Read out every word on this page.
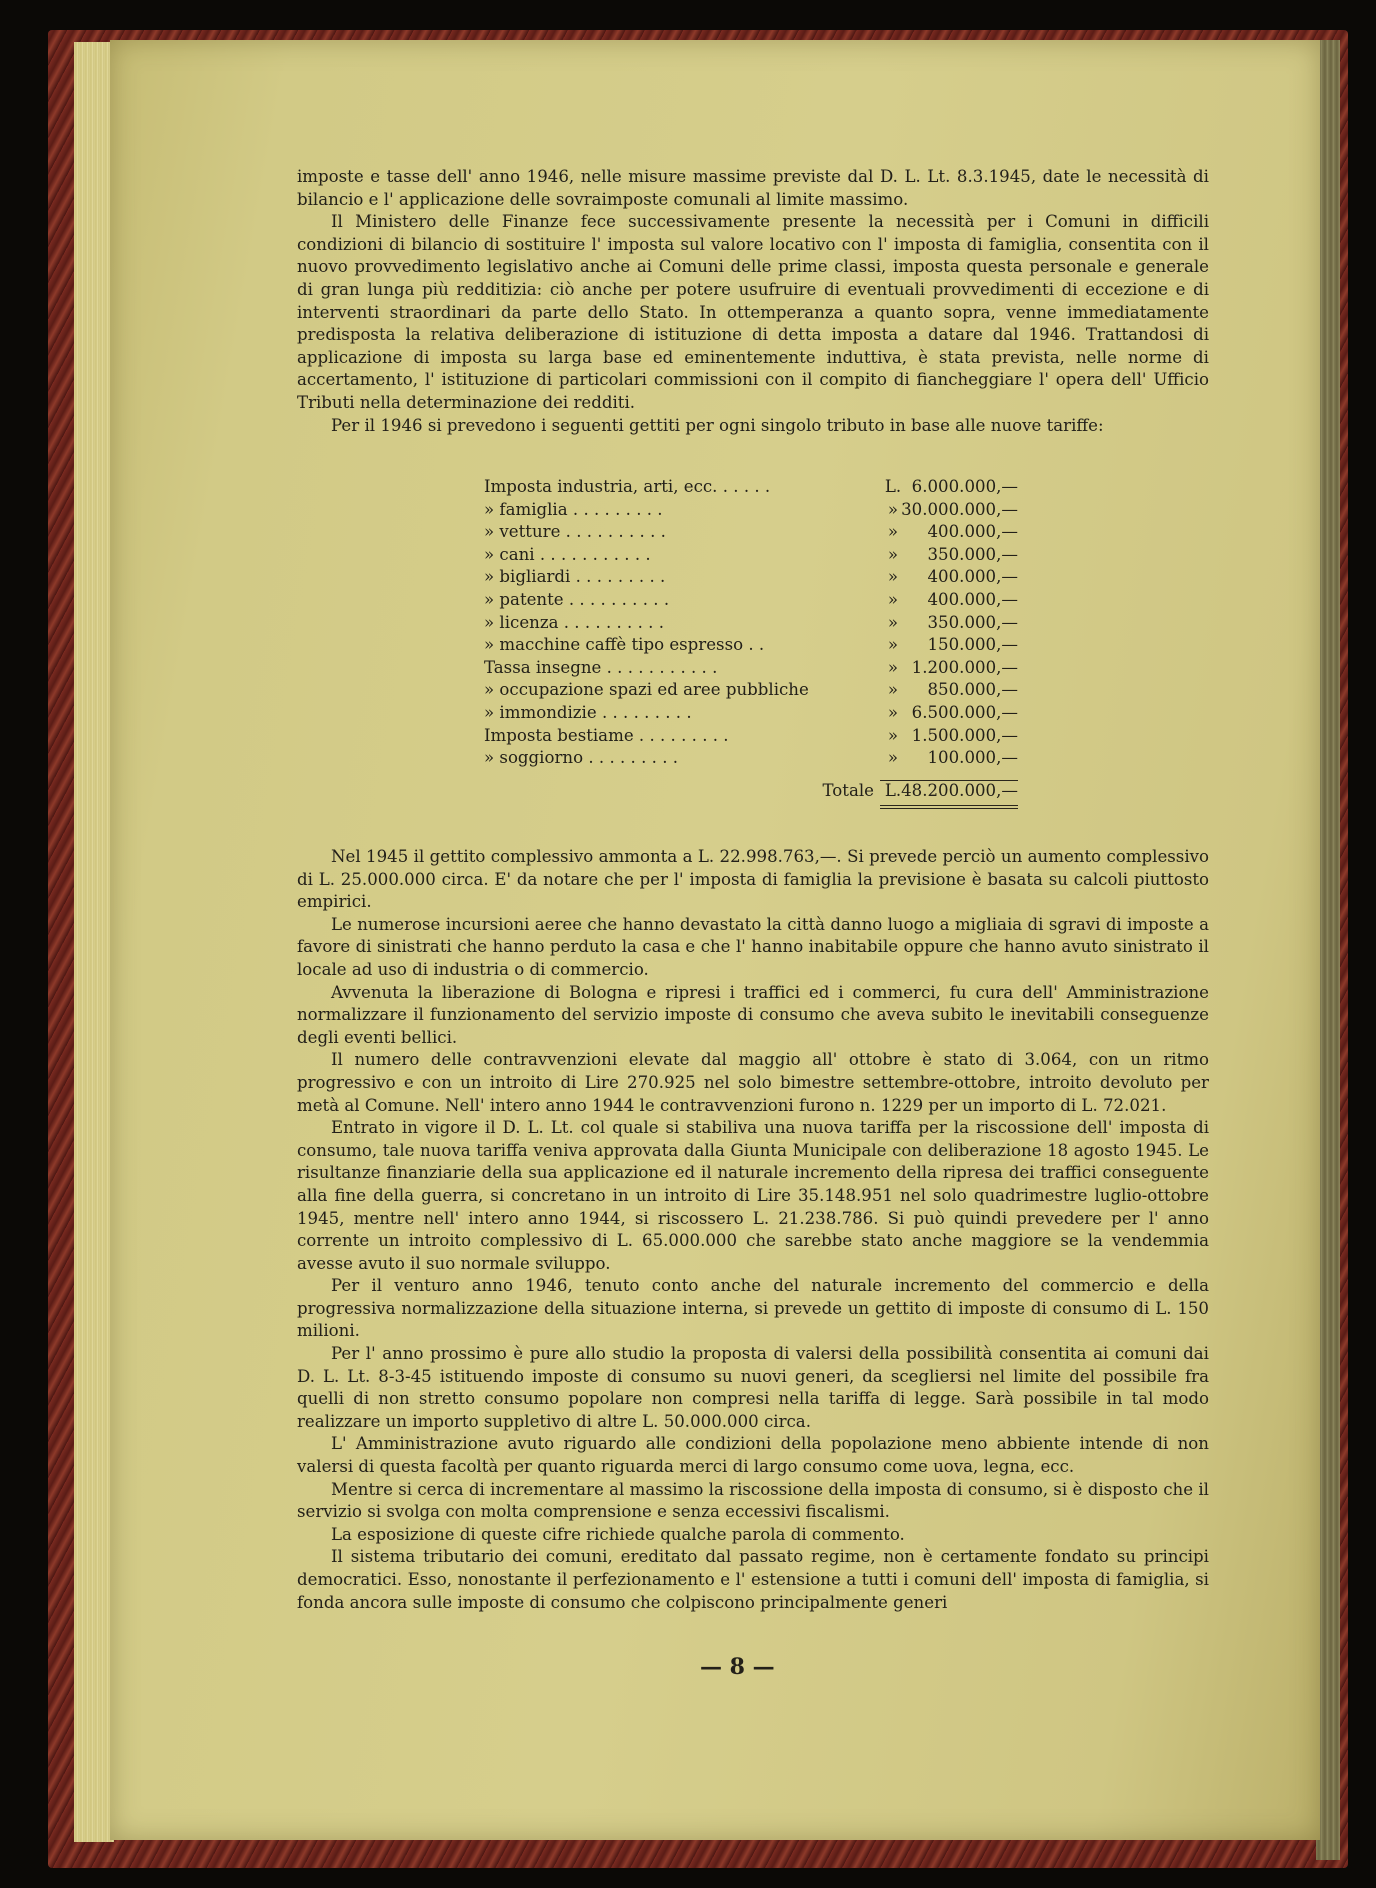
imposte e tasse dell' anno 1946, nelle misure massime previste dal D. L. Lt. 8.3.1945, date le necessità di bilancio e l' applicazione delle sovraimposte comunali al limite massimo.

Il Ministero delle Finanze fece successivamente presente la necessità per i Comuni in difficili condizioni di bilancio di sostituire l' imposta sul valore locativo con l' imposta di famiglia, consentita con il nuovo provvedimento legislativo anche ai Comuni delle prime classi, imposta questa personale e generale di gran lunga più redditizia: ciò anche per potere usufruire di eventuali provvedimenti di eccezione e di interventi straordinari da parte dello Stato. In ottemperanza a quanto sopra, venne immediatamente predisposta la relativa deliberazione di istituzione di detta imposta a datare dal 1946. Trattandosi di applicazione di imposta su larga base ed eminentemente induttiva, è stata prevista, nelle norme di accertamento, l' istituzione di particolari commissioni con il compito di fiancheggiare l' opera dell' Ufficio Tributi nella determinazione dei redditi.

Per il 1946 si prevedono i seguenti gettiti per ogni singolo tributo in base alle nuove tariffe:

Imposta industria, arti, ecc. . . . . .	L. 6.000.000,—
» famiglia . . . . . . . . .	» 30.000.000,—
» vetture . . . . . . . . . .	»	400.000,—
» cani . . . . . . . . . . .	»	350.000,—
» bigliardi . . . . . . . . .	»	400.000,—
» patente . . . . . . . . . .	»	400.000,—
» licenza . . . . . . . . . .	»	350.000,—
» macchine caffè tipo espresso . .	»	150.000,—
Tassa insegne . . . . . . . . . . .	» 1.200.000,—
» occupazione spazi ed aree pubbliche	»	850.000,—
» immondizie . . . . . . . . .	» 6.500.000,—
Imposta bestiame . . . . . . . . .	» 1.500.000,—
» soggiorno . . . . . . . . .	»	100.000,—
Totale L. 48.200.000,—

Nel 1945 il gettito complessivo ammonta a L. 22.998.763,—. Si prevede perciò un aumento complessivo di L. 25.000.000 circa. E' da notare che per l' imposta di famiglia la previsione è basata su calcoli piuttosto empirici.

Le numerose incursioni aeree che hanno devastato la città danno luogo a migliaia di sgravi di imposte a favore di sinistrati che hanno perduto la casa e che l' hanno inabitabile oppure che hanno avuto sinistrato il locale ad uso di industria o di commercio.

Avvenuta la liberazione di Bologna e ripresi i traffici ed i commerci, fu cura dell' Amministrazione normalizzare il funzionamento del servizio imposte di consumo che aveva subito le inevitabili conseguenze degli eventi bellici.

Il numero delle contravvenzioni elevate dal maggio all' ottobre è stato di 3.064, con un ritmo progressivo e con un introito di Lire 270.925 nel solo bimestre settembre-ottobre, introito devoluto per metà al Comune. Nell' intero anno 1944 le contravvenzioni furono n. 1229 per un importo di L. 72.021.

Entrato in vigore il D. L. Lt. col quale si stabiliva una nuova tariffa per la riscossione dell' imposta di consumo, tale nuova tariffa veniva approvata dalla Giunta Municipale con deliberazione 18 agosto 1945. Le risultanze finanziarie della sua applicazione ed il naturale incremento della ripresa dei traffici conseguente alla fine della guerra, si concretano in un introito di Lire 35.148.951 nel solo quadrimestre luglio-ottobre 1945, mentre nell' intero anno 1944, si riscossero L. 21.238.786. Si può quindi prevedere per l' anno corrente un introito complessivo di L. 65.000.000 che sarebbe stato anche maggiore se la vendemmia avesse avuto il suo normale sviluppo.

Per il venturo anno 1946, tenuto conto anche del naturale incremento del commercio e della progressiva normalizzazione della situazione interna, si prevede un gettito di imposte di consumo di L. 150 milioni.

Per l' anno prossimo è pure allo studio la proposta di valersi della possibilità consentita ai comuni dai D. L. Lt. 8-3-45 istituendo imposte di consumo su nuovi generi, da scegliersi nel limite del possibile fra quelli di non stretto consumo popolare non compresi nella tariffa di legge. Sarà possibile in tal modo realizzare un importo suppletivo di altre L. 50.000.000 circa.

L' Amministrazione avuto riguardo alle condizioni della popolazione meno abbiente intende di non valersi di questa facoltà per quanto riguarda merci di largo consumo come uova, legna, ecc.

Mentre si cerca di incrementare al massimo la riscossione della imposta di consumo, si è disposto che il servizio si svolga con molta comprensione e senza eccessivi fiscalismi.

La esposizione di queste cifre richiede qualche parola di commento.

Il sistema tributario dei comuni, ereditato dal passato regime, non è certamente fondato su principi democratici. Esso, nonostante il perfezionamento e l' estensione a tutti i comuni dell' imposta di famiglia, si fonda ancora sulle imposte di consumo che colpiscono principalmente generi

— 8 —
